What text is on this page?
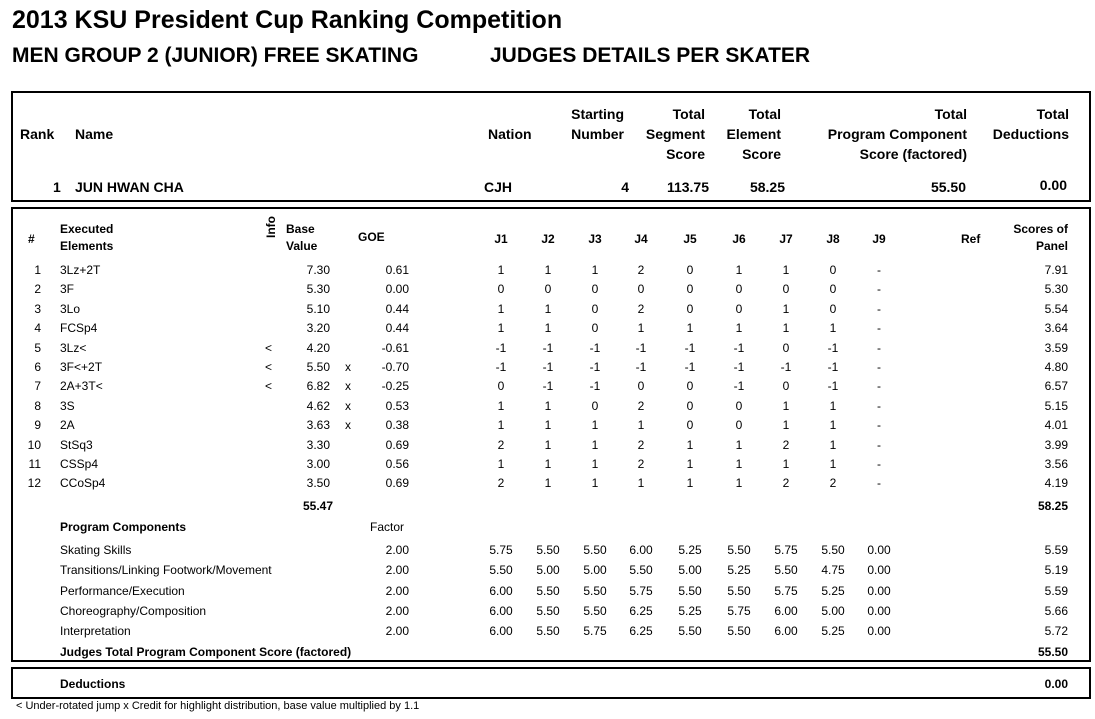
2013 KSU President Cup Ranking Competition
MEN GROUP 2 (JUNIOR) FREE SKATING	JUDGES DETAILS PER SKATER
Rank Name	Nation
Starting
Number
Total
Segment
Score
Total
Element
Score
Total
Program Component
Score (factored)
Total
Deductions
1 JUN HWAN CHA	CJH	4	113.75	58.25	55.50	0.00
#
Executed
Elements
Info Base
Value
GOE	J1	J2	J3	J4	J5	J6	J7	J8	J9	Ref
Scores of
Panel
1 3Lz+2T	7.30	0.61	1	1	1	2	0	1	1	0	-	7.91
2 3F	5.30	0.00	0	0	0	0	0	0	0	0	-	5.30
3 3Lo	5.10	0.44	1	1	0	2	0	0	1	0	-	5.54
4 FCSp4	3.20	0.44	1	1	0	1	1	1	1	1	-	3.64
5 3Lz<	<	4.20	-0.61	-1	-1	-1	-1	-1	-1	0	-1	-	3.59
6 3F<+2T	<	5.50 x	-0.70	-1	-1	-1	-1	-1	-1	-1	-1	-	4.80
7 2A+3T<	<	6.82 x	-0.25	0	-1	-1	0	0	-1	0	-1	-	6.57
8 3S	4.62 x	0.53	1	1	0	2	0	0	1	1	-	5.15
9 2A	3.63 x	0.38	1	1	1	1	0	0	1	1	-	4.01
10 StSq3	3.30	0.69	2	1	1	2	1	1	2	1	-	3.99
11 CSSp4	3.00	0.56	1	1	1	2	1	1	1	1	-	3.56
12 CCoSp4	3.50	0.69	2	1	1	1	1	1	2	2	-	4.19
55.47	58.25
Program Components	Factor
Skating Skills	2.00	5.75	5.50	5.50	6.00	5.25	5.50	5.75	5.50	0.00	5.59
Transitions/Linking Footwork/Movement	2.00	5.50	5.00	5.00	5.50	5.00	5.25	5.50	4.75	0.00	5.19
Performance/Execution	2.00	6.00	5.50	5.50	5.75	5.50	5.50	5.75	5.25	0.00	5.59
Choreography/Composition	2.00	6.00	5.50	5.50	6.25	5.25	5.75	6.00	5.00	0.00	5.66
Interpretation	2.00	6.00	5.50	5.75	6.25	5.50	5.50	6.00	5.25	0.00	5.72
Judges Total Program Component Score (factored)	55.50
Deductions	0.00
< Under-rotated jump x Credit for highlight distribution, base value multiplied by 1.1
